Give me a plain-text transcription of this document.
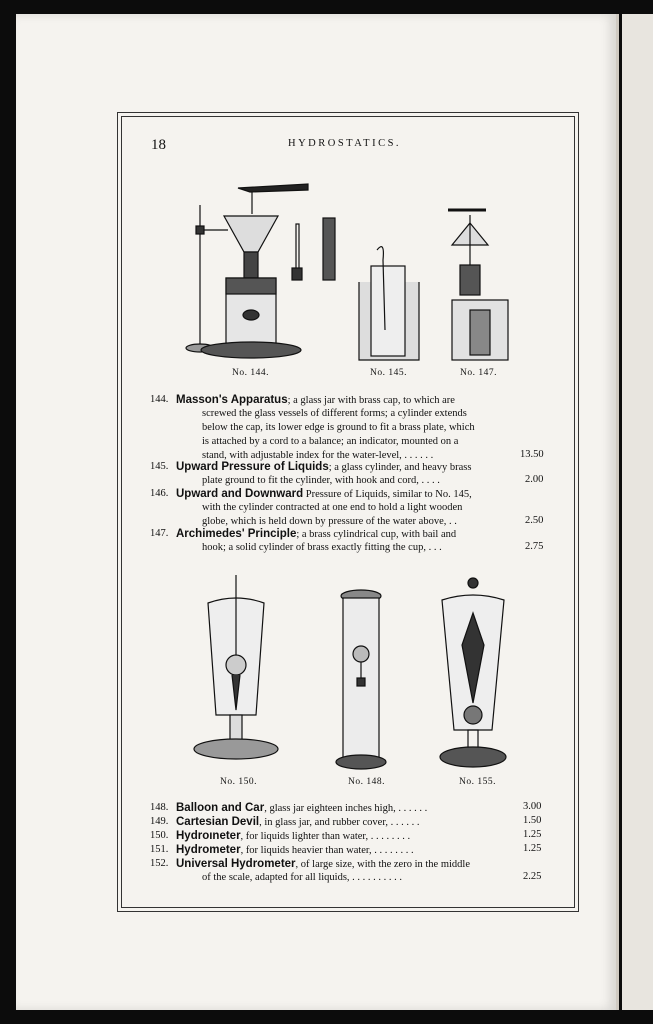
18	HYDROSTATICS.
No. 144.	No. 145.	No. 147.
144. Masson's Apparatus; a glass jar with brass cap, to which are
screwed the glass vessels of different forms; a cylinder extends
below the cap, its lower edge is ground to fit a brass plate, which
is attached by a cord to a balance; an indicator, mounted on a
stand, with adjustable index for the water-level, . . . . . .	13.50
145. Upward Pressure of Liquids; a glass cylinder, and heavy brass
plate ground to fit the cylinder, with hook and cord, . . . .	2.00
146. Upward and Downward Pressure of Liquids, similar to No. 145,
with the cylinder contracted at one end to hold a light wooden
globe, which is held down by pressure of the water above, . .	2.50
147. Archimedes' Principle; a brass cylindrical cup, with bail and
hook; a solid cylinder of brass exactly fitting the cup, . . .	2.75
No. 150.	No. 148.	No. 155.
148. Balloon and Car, glass jar eighteen inches high, . . . . . .	3.00
149. Cartesian Devil, in glass jar, and rubber cover, . . . . . .	1.50
150. Hydroıneter, for liquids lighter than water, . . . . . . . .	1.25
151. Hydrometer, for liquids heavier than water, . . . . . . . .	1.25
152. Universal Hydrometer, of large size, with the zero in the middle
of the scale, adapted for all liquids, . . . . . . . . . .	2.25
